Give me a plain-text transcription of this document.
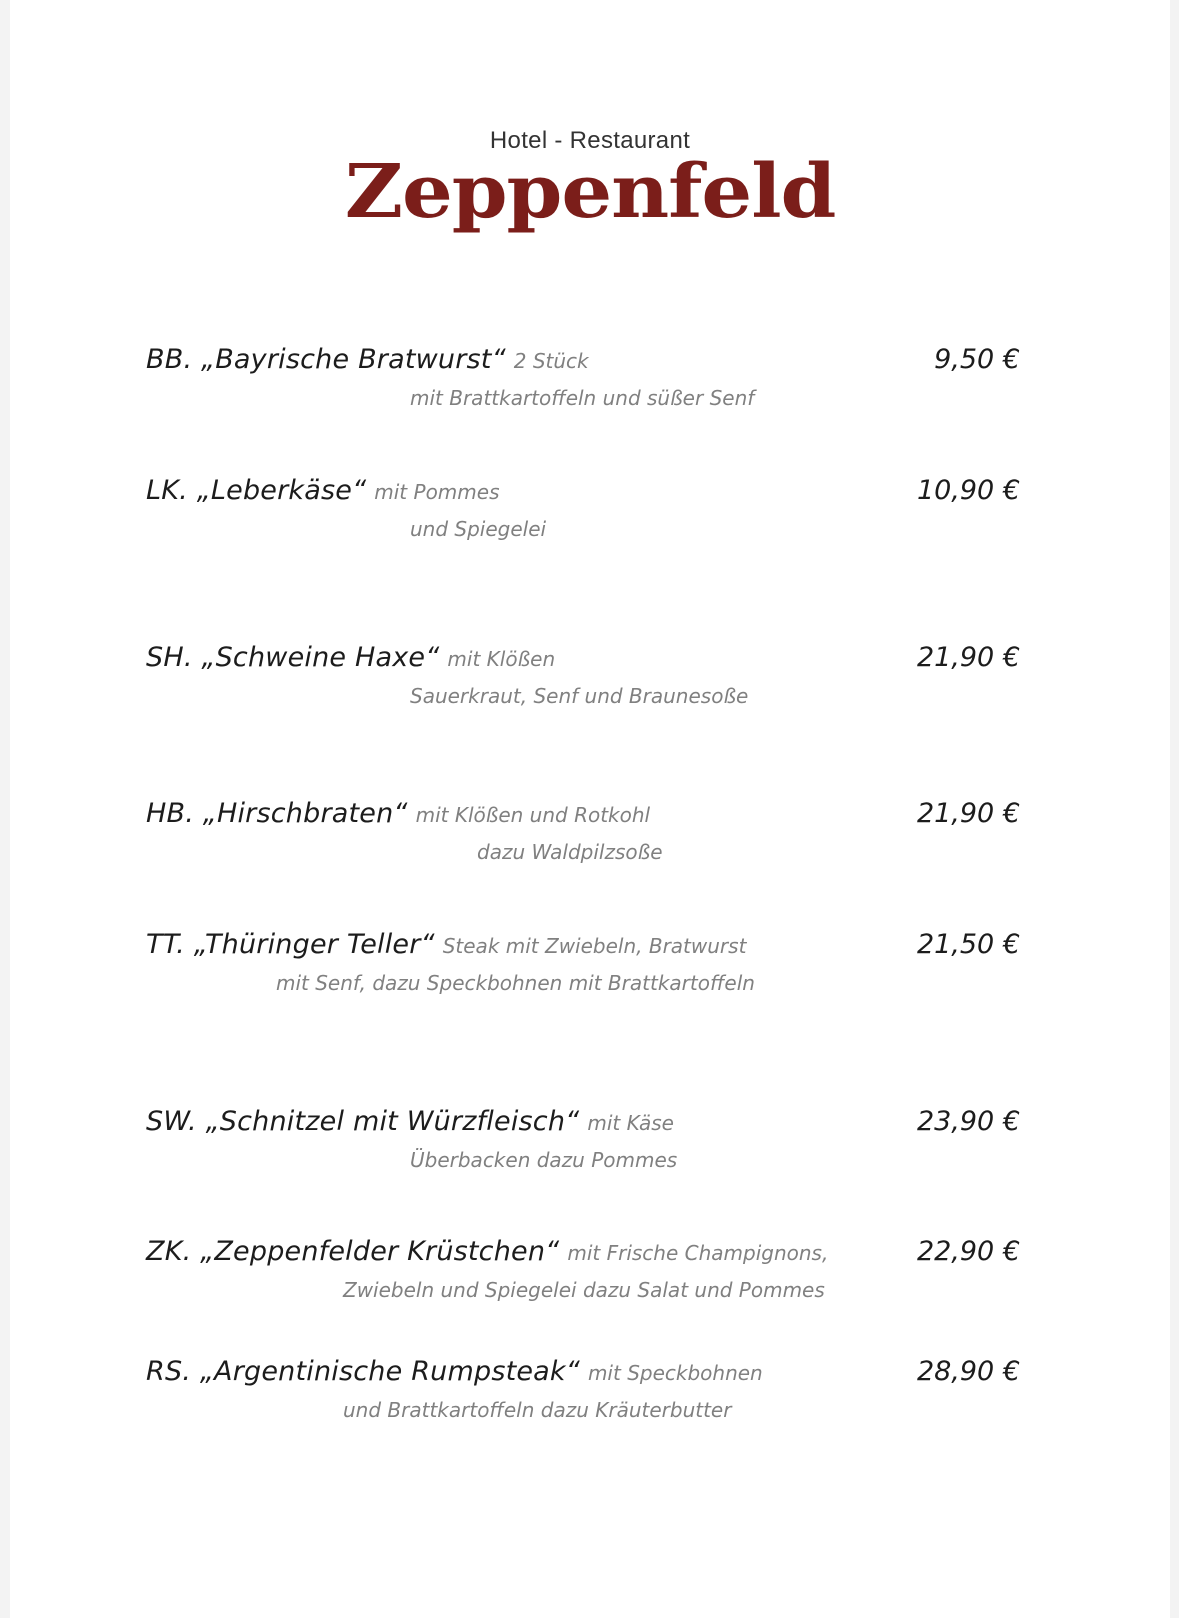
Hotel - Restaurant
Zeppenfeld
BB. „Bayrische Bratwurst“ 2 Stück
mit Brattkartoffeln und süßer Senf
9,50 €
LK. „Leberkäse“ mit Pommes
und Spiegelei
10,90 €
SH. „Schweine Haxe“ mit Klößen
Sauerkraut, Senf und Braunesoße
21,90 €
HB. „Hirschbraten“ mit Klößen und Rotkohl
dazu Waldpilzsoße
21,90 €
TT. „Thüringer Teller“ Steak mit Zwiebeln, Bratwurst
mit Senf, dazu Speckbohnen mit Brattkartoffeln
21,50 €
SW. „Schnitzel mit Würzfleisch“ mit Käse
Überbacken dazu Pommes
23,90 €
ZK. „Zeppenfelder Krüstchen“ mit Frische Champignons,
Zwiebeln und Spiegelei dazu Salat und Pommes
22,90 €
RS. „Argentinische Rumpsteak“ mit Speckbohnen
und Brattkartoffeln dazu Kräuterbutter
28,90 €
